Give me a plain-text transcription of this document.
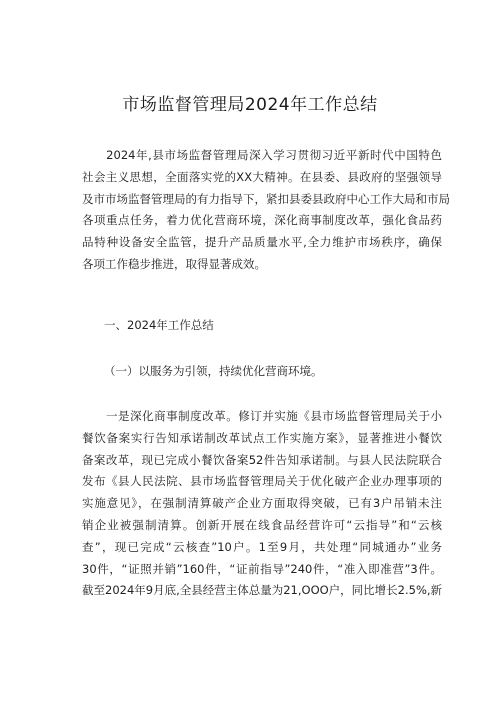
市场监督管理局2024年工作总结
　　2024年,县市场监督管理局深入学习贯彻习近平新时代中国特色
社会主义思想，全面落实党的XX大精神。在县委、县政府的坚强领导
及市市场监督管理局的有力指导下，紧扣县委县政府中心工作大局和市局
各项重点任务，着力优化营商环境，深化商事制度改革，强化食品药
品特种设备安全监管，提升产品质量水平,全力维护市场秩序，确保
各项工作稳步推进，取得显著成效。
一、2024年工作总结
（一）以服务为引领，持续优化营商环境。
　　一是深化商事制度改革。修订并实施《县市场监督管理局关于小
餐饮备案实行告知承诺制改革试点工作实施方案》，显著推进小餐饮
备案改革，现已完成小餐饮备案52件告知承诺制。与县人民法院联合
发布《县人民法院、县市场监督管理局关于优化破产企业办理事项的
实施意见》，在强制清算破产企业方面取得突破，已有3户吊销未注
销企业被强制清算。创新开展在线食品经营许可“云指导”和“云核
查”，现已完成“云核查”10户。1至9月，共处理“同城通办”业务
30件，“证照并销”160件，“证前指导”240件，“准入即准营”3件。
截至2024年9月底,全县经营主体总量为21,OOO户，同比增长2.5%,新
